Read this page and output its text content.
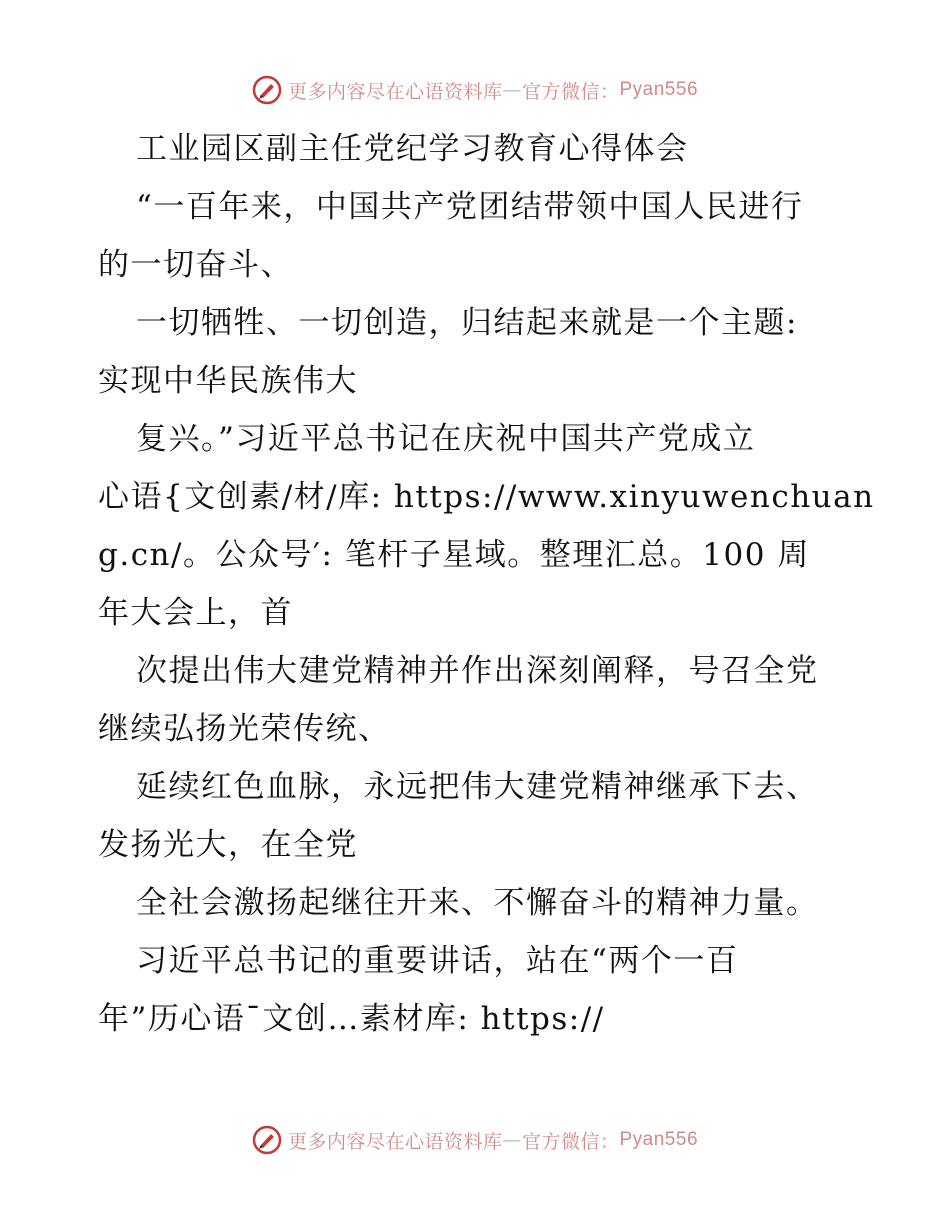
更多内容尽在心语资料库 — 官方微信： Pyan556
工业园区副主任党纪学习教育心得体会
“一百年来，中国共产党团结带领中国人民进行
的一切奋斗、
一切牺牲、一切创造，归结起来就是一个主题:
实现中华民族伟大
复兴。”习近平总书记在庆祝中国共产党成立
心语{文创素/材/库: https://www.xinyuwenchuan
g.cn/。公众号′: 笔杆子星域。整理汇总。100 周
年大会上，首
次提出伟大建党精神并作出深刻阐释，号召全党
继续弘扬光荣传统、
延续红色血脉，永远把伟大建党精神继承下去、
发扬光大，在全党
全社会激扬起继往开来、不懈奋斗的精神力量。
习近平总书记的重要讲话，站在“两个一百
年”历心语¯文创…素材库: https://
更多内容尽在心语资料库 — 官方微信： Pyan556
